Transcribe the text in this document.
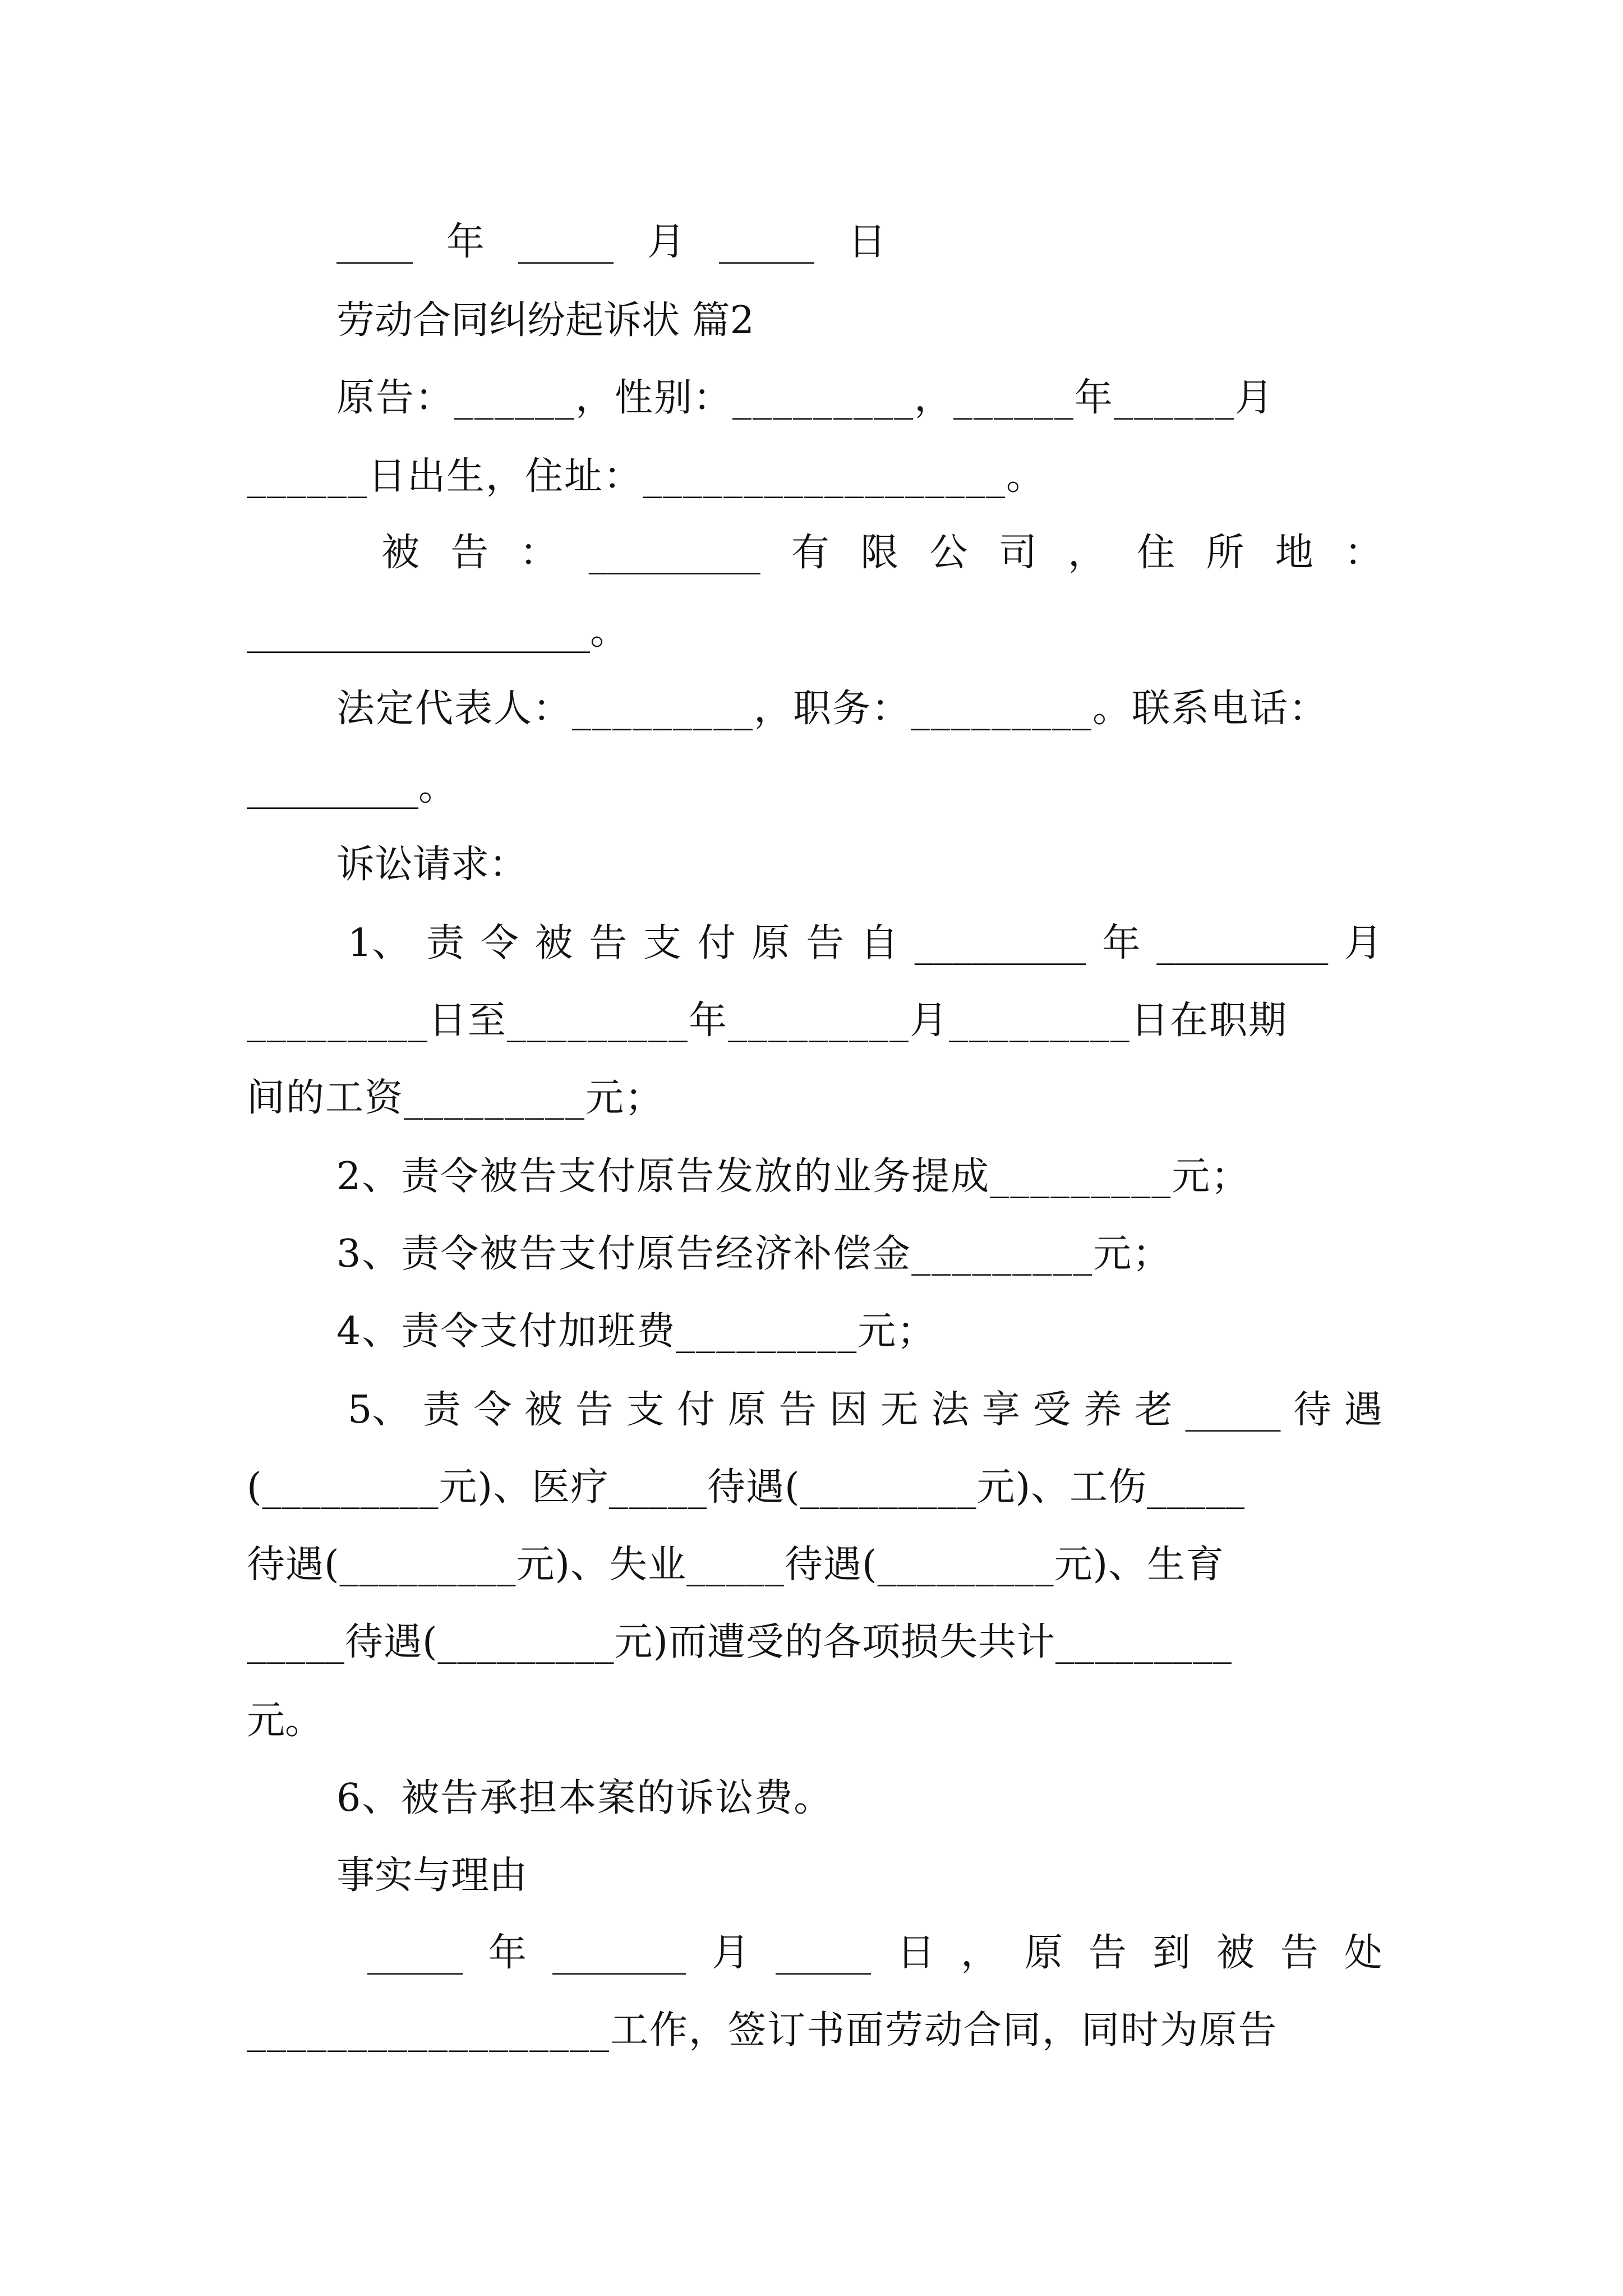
____ 年 _____ 月 _____ 日
劳动合同纠纷起诉状 篇2
原告：______，性别：_________，______年______月
______日出生，住址：__________________。
被 告 ： _________ 有 限 公 司 ， 住 所 地 ：
__________________。
法定代表人：_________，职务：_________。联系电话：
_________。
诉讼请求：
1、 责 令 被 告 支 付 原 告 自 _________ 年 _________ 月
_________日至_________年_________月_________日在职期
间的工资_________元；
2、责令被告支付原告发放的业务提成_________元；
3、责令被告支付原告经济补偿金_________元；
4、责令支付加班费_________元；
5、 责 令 被 告 支 付 原 告 因 无 法 享 受 养 老 _____ 待 遇
(_________元)、医疗_____待遇(_________元)、工伤_____
待遇(_________元)、失业_____待遇(_________元)、生育
_____待遇(_________元)而遭受的各项损失共计_________
元。
6、被告承担本案的诉讼费。
事实与理由
_____ 年 _______ 月 _____ 日 ， 原 告 到 被 告 处
__________________工作，签订书面劳动合同，同时为原告
